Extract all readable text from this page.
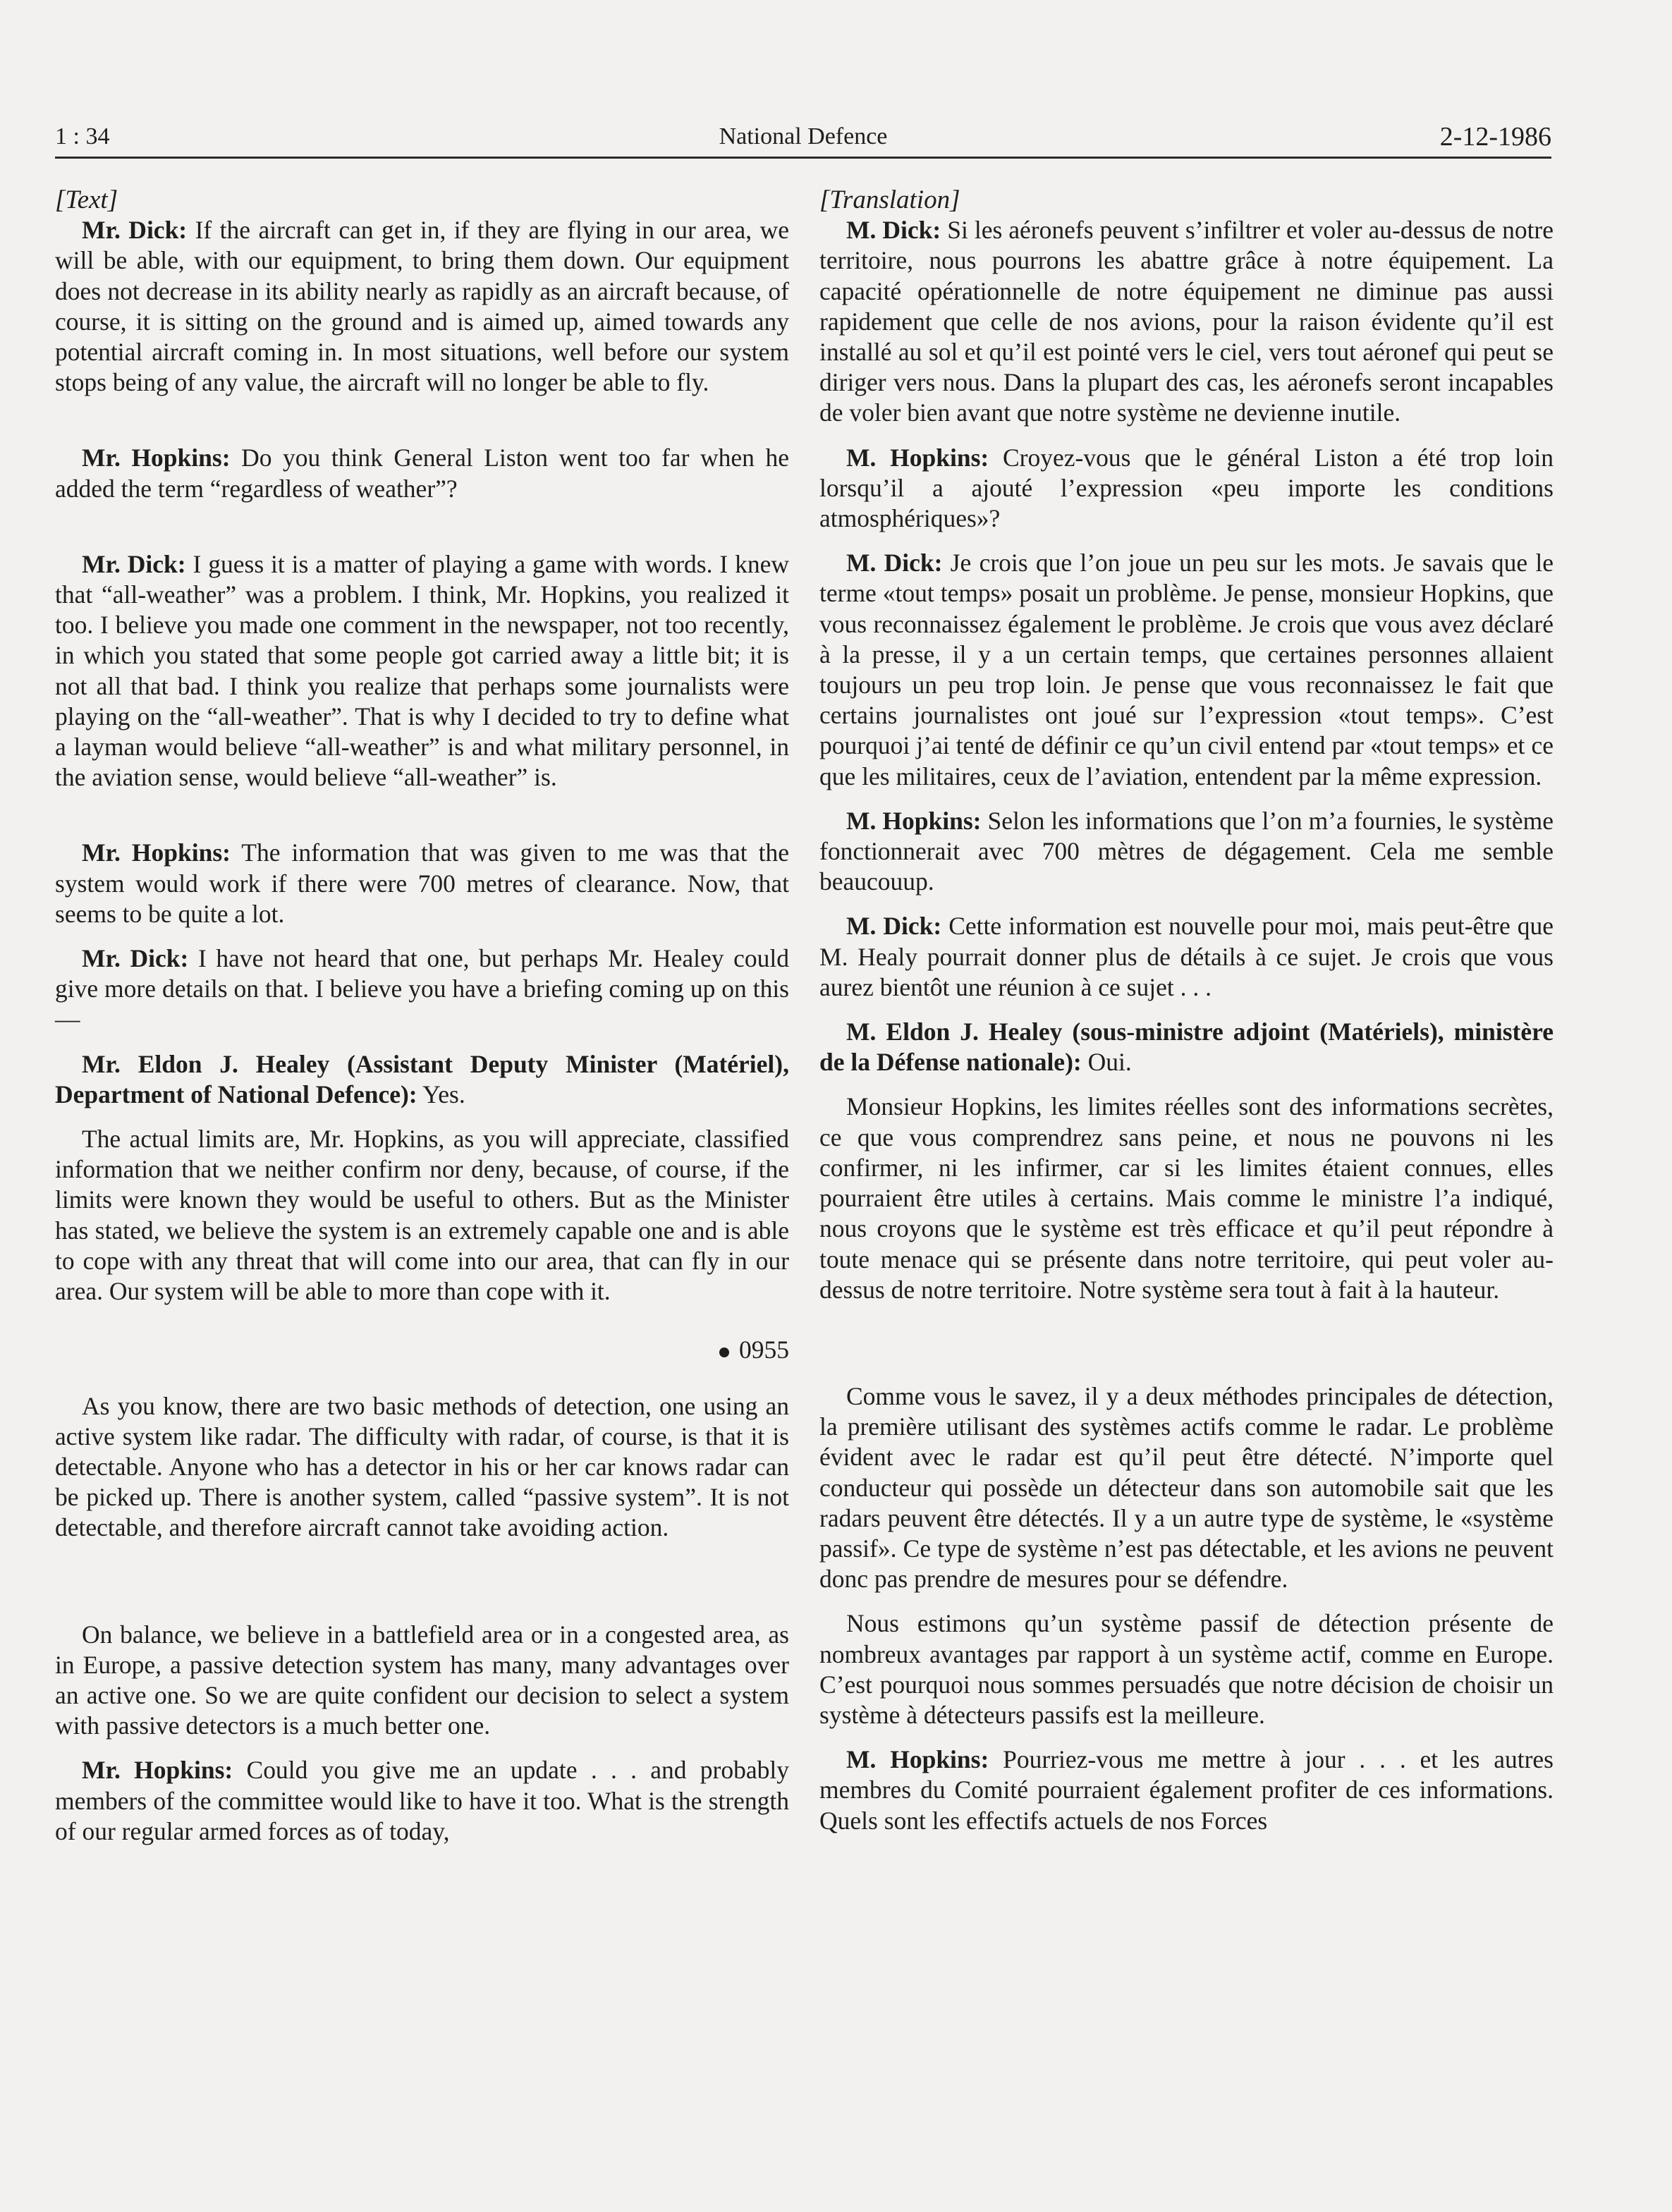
1 : 34	National Defence	2-12-1986

[Text]

Mr. Dick: If the aircraft can get in, if they are flying in our area, we will be able, with our equipment, to bring them down. Our equipment does not decrease in its ability nearly as rapidly as an aircraft because, of course, it is sitting on the ground and is aimed up, aimed towards any potential aircraft coming in. In most situations, well before our system stops being of any value, the aircraft will no longer be able to fly.

Mr. Hopkins: Do you think General Liston went too far when he added the term “regardless of weather”?

Mr. Dick: I guess it is a matter of playing a game with words. I knew that “all-weather” was a problem. I think, Mr. Hopkins, you realized it too. I believe you made one comment in the newspaper, not too recently, in which you stated that some people got carried away a little bit; it is not all that bad. I think you realize that perhaps some journalists were playing on the “all-weather”. That is why I decided to try to define what a layman would believe “all-weather” is and what military personnel, in the aviation sense, would believe “all-weather” is.

Mr. Hopkins: The information that was given to me was that the system would work if there were 700 metres of clearance. Now, that seems to be quite a lot.

Mr. Dick: I have not heard that one, but perhaps Mr. Healey could give more details on that. I believe you have a briefing coming up on this—

Mr. Eldon J. Healey (Assistant Deputy Minister (Matériel), Department of National Defence): Yes.

The actual limits are, Mr. Hopkins, as you will appreciate, classified information that we neither confirm nor deny, because, of course, if the limits were known they would be useful to others. But as the Minister has stated, we believe the system is an extremely capable one and is able to cope with any threat that will come into our area, that can fly in our area. Our system will be able to more than cope with it.

0955

As you know, there are two basic methods of detection, one using an active system like radar. The difficulty with radar, of course, is that it is detectable. Anyone who has a detector in his or her car knows radar can be picked up. There is another system, called “passive system”. It is not detectable, and therefore aircraft cannot take avoiding action.

On balance, we believe in a battlefield area or in a congested area, as in Europe, a passive detection system has many, many advantages over an active one. So we are quite confident our decision to select a system with passive detectors is a much better one.

Mr. Hopkins: Could you give me an update . . . and probably members of the committee would like to have it too. What is the strength of our regular armed forces as of today,

[Translation]

M. Dick: Si les aéronefs peuvent s’infiltrer et voler au-dessus de notre territoire, nous pourrons les abattre grâce à notre équipement. La capacité opérationnelle de notre équipement ne diminue pas aussi rapidement que celle de nos avions, pour la raison évidente qu’il est installé au sol et qu’il est pointé vers le ciel, vers tout aéronef qui peut se diriger vers nous. Dans la plupart des cas, les aéronefs seront incapables de voler bien avant que notre système ne devienne inutile.

M. Hopkins: Croyez-vous que le général Liston a été trop loin lorsqu’il a ajouté l’expression «peu importe les conditions atmosphériques»?

M. Dick: Je crois que l’on joue un peu sur les mots. Je savais que le terme «tout temps» posait un problème. Je pense, monsieur Hopkins, que vous reconnaissez également le problème. Je crois que vous avez déclaré à la presse, il y a un certain temps, que certaines personnes allaient toujours un peu trop loin. Je pense que vous reconnaissez le fait que certains journalistes ont joué sur l’expression «tout temps». C’est pourquoi j’ai tenté de définir ce qu’un civil entend par «tout temps» et ce que les militaires, ceux de l’aviation, entendent par la même expression.

M. Hopkins: Selon les informations que l’on m’a fournies, le système fonctionnerait avec 700 mètres de dégagement. Cela me semble beaucouup.

M. Dick: Cette information est nouvelle pour moi, mais peut-être que M. Healy pourrait donner plus de détails à ce sujet. Je crois que vous aurez bientôt une réunion à ce sujet . . .

M. Eldon J. Healey (sous-ministre adjoint (Matériels), ministère de la Défense nationale): Oui.

Monsieur Hopkins, les limites réelles sont des informations secrètes, ce que vous comprendrez sans peine, et nous ne pouvons ni les confirmer, ni les infirmer, car si les limites étaient connues, elles pourraient être utiles à certains. Mais comme le ministre l’a indiqué, nous croyons que le système est très efficace et qu’il peut répondre à toute menace qui se présente dans notre territoire, qui peut voler au-dessus de notre territoire. Notre système sera tout à fait à la hauteur.

Comme vous le savez, il y a deux méthodes principales de détection, la première utilisant des systèmes actifs comme le radar. Le problème évident avec le radar est qu’il peut être détecté. N’importe quel conducteur qui possède un détecteur dans son automobile sait que les radars peuvent être détectés. Il y a un autre type de système, le «système passif». Ce type de système n’est pas détectable, et les avions ne peuvent donc pas prendre de mesures pour se défendre.

Nous estimons qu’un système passif de détection présente de nombreux avantages par rapport à un système actif, comme en Europe. C’est pourquoi nous sommes persuadés que notre décision de choisir un système à détecteurs passifs est la meilleure.

M. Hopkins: Pourriez-vous me mettre à jour . . . et les autres membres du Comité pourraient également profiter de ces informations. Quels sont les effectifs actuels de nos Forces
